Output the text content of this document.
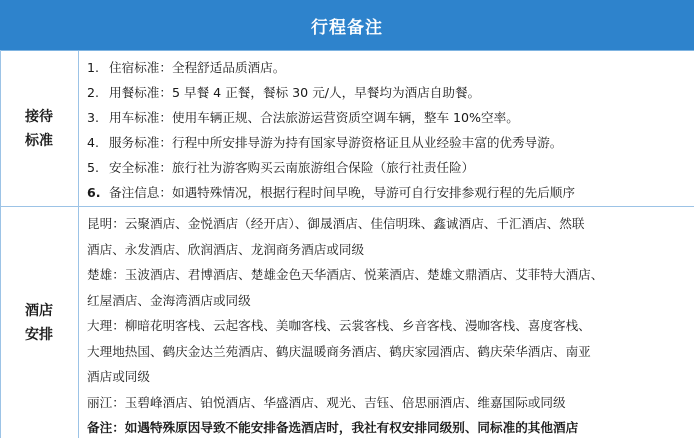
行程备注
接待
标准
1. 住宿标准：全程舒适品质酒店。
2. 用餐标准：5 早餐 4 正餐，餐标 30 元/人，早餐均为酒店自助餐。
3. 用车标准：使用车辆正规、合法旅游运营资质空调车辆，整车 10%空率。
4. 服务标准：行程中所安排导游为持有国家导游资格证且从业经验丰富的优秀导游。
5. 安全标准：旅行社为游客购买云南旅游组合保险（旅行社责任险）
6. 备注信息：如遇特殊情况，根据行程时间早晚，导游可自行安排参观行程的先后顺序
酒店
安排
昆明：云聚酒店、金悦酒店（经开店）、御晟酒店、佳信明珠、鑫诚酒店、千汇酒店、然联
酒店、永发酒店、欣润酒店、龙润商务酒店或同级
楚雄：玉波酒店、君博酒店、楚雄金色天华酒店、悦莱酒店、楚雄文鼎酒店、艾菲特大酒店、
红屋酒店、金海湾酒店或同级
大理：柳暗花明客栈、云起客栈、美咖客栈、云裳客栈、乡音客栈、漫咖客栈、喜度客栈、
大理地热国、鹤庆金达兰苑酒店、鹤庆温暖商务酒店、鹤庆家园酒店、鹤庆荣华酒店、南亚
酒店或同级
丽江：玉碧峰酒店、铂悦酒店、华盛酒店、观光、吉钰、倍思丽酒店、维嘉国际或同级
备注：如遇特殊原因导致不能安排备选酒店时，我社有权安排同级别、同标准的其他酒店
